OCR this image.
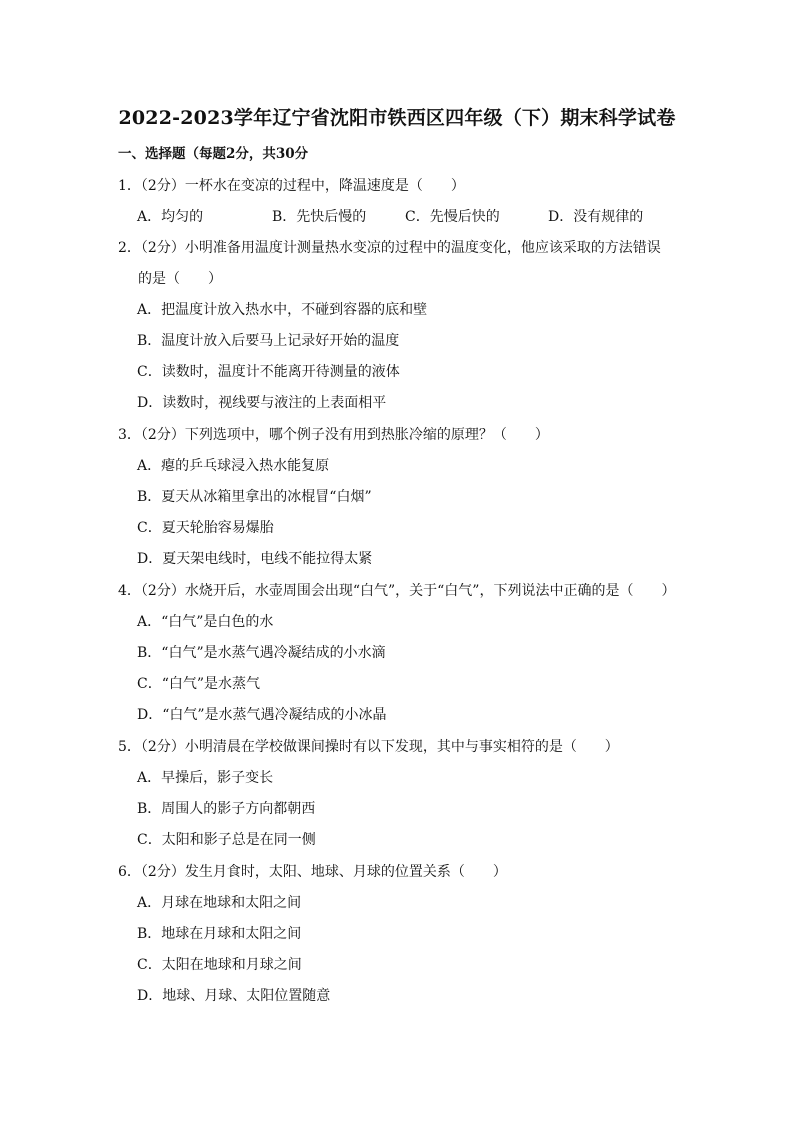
2022-2023学年辽宁省沈阳市铁西区四年级（下）期末科学试卷
一、选择题（每题2分，共30分
1．（2分）一杯水在变凉的过程中，降温速度是（　　）
A．均匀的	B．先快后慢的	C．先慢后快的	D．没有规律的
2．（2分）小明准备用温度计测量热水变凉的过程中的温度变化，他应该采取的方法错误
的是（　　）
A．把温度计放入热水中，不碰到容器的底和壁
B．温度计放入后要马上记录好开始的温度
C．读数时，温度计不能离开待测量的液体
D．读数时，视线要与液注的上表面相平
3．（2分）下列选项中，哪个例子没有用到热胀冷缩的原理？（　　）
A．瘪的乒乓球浸入热水能复原
B．夏天从冰箱里拿出的冰棍冒“白烟”
C．夏天轮胎容易爆胎
D．夏天架电线时，电线不能拉得太紧
4．（2分）水烧开后，水壶周围会出现“白气”，关于“白气”，下列说法中正确的是（　　）
A．“白气”是白色的水
B．“白气”是水蒸气遇冷凝结成的小水滴
C．“白气”是水蒸气
D．“白气”是水蒸气遇冷凝结成的小冰晶
5．（2分）小明清晨在学校做课间操时有以下发现，其中与事实相符的是（　　）
A．早操后，影子变长
B．周围人的影子方向都朝西
C．太阳和影子总是在同一侧
6．（2分）发生月食时，太阳、地球、月球的位置关系（　　）
A．月球在地球和太阳之间
B．地球在月球和太阳之间
C．太阳在地球和月球之间
D．地球、月球、太阳位置随意
